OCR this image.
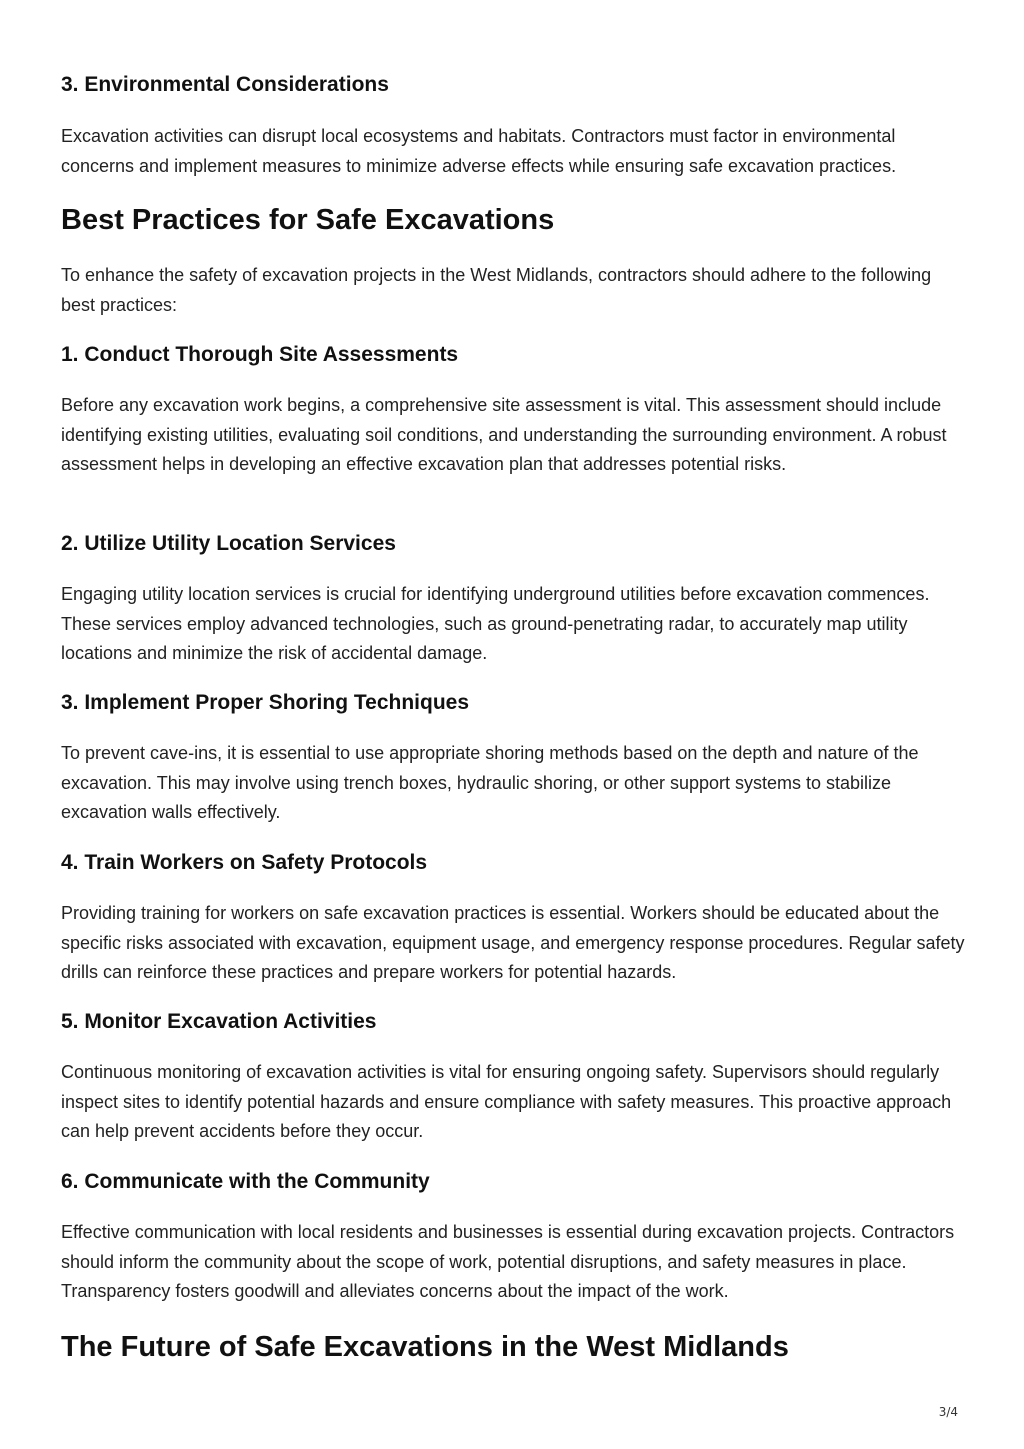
3. Environmental Considerations

Excavation activities can disrupt local ecosystems and habitats. Contractors must factor in environmental concerns and implement measures to minimize adverse effects while ensuring safe excavation practices.

Best Practices for Safe Excavations

To enhance the safety of excavation projects in the West Midlands, contractors should adhere to the following best practices:

1. Conduct Thorough Site Assessments

Before any excavation work begins, a comprehensive site assessment is vital. This assessment should include identifying existing utilities, evaluating soil conditions, and understanding the surrounding environment. A robust assessment helps in developing an effective excavation plan that addresses potential risks.

2. Utilize Utility Location Services

Engaging utility location services is crucial for identifying underground utilities before excavation commences. These services employ advanced technologies, such as ground-penetrating radar, to accurately map utility locations and minimize the risk of accidental damage.

3. Implement Proper Shoring Techniques

To prevent cave-ins, it is essential to use appropriate shoring methods based on the depth and nature of the excavation. This may involve using trench boxes, hydraulic shoring, or other support systems to stabilize excavation walls effectively.

4. Train Workers on Safety Protocols

Providing training for workers on safe excavation practices is essential. Workers should be educated about the specific risks associated with excavation, equipment usage, and emergency response procedures. Regular safety drills can reinforce these practices and prepare workers for potential hazards.

5. Monitor Excavation Activities

Continuous monitoring of excavation activities is vital for ensuring ongoing safety. Supervisors should regularly inspect sites to identify potential hazards and ensure compliance with safety measures. This proactive approach can help prevent accidents before they occur.

6. Communicate with the Community

Effective communication with local residents and businesses is essential during excavation projects. Contractors should inform the community about the scope of work, potential disruptions, and safety measures in place. Transparency fosters goodwill and alleviates concerns about the impact of the work.

The Future of Safe Excavations in the West Midlands
3/4
